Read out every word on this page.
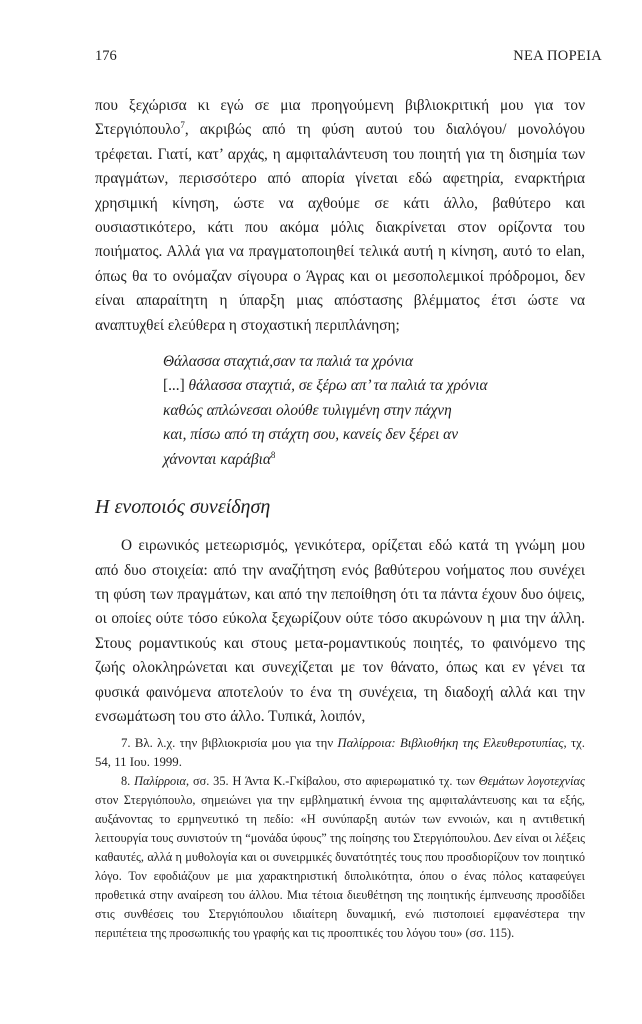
176	ΝΕΑ ΠΟΡΕΙΑ

που ξεχώρισα κι εγώ σε μια προηγούμενη βιβλιοκριτική μου για τον Στεργιόπουλο$^7$, ακριβώς από τη φύση αυτού του διαλόγου/ μονολόγου τρέφεται. Γιατί, κατ’ αρχάς, η αμφιταλάντευση του ποιητή για τη δισημία των πραγμάτων, περισσότερο από απορία γίνεται εδώ αφετηρία, εναρκτήρια χρησιμική κίνηση, ώστε να αχθούμε σε κάτι άλλο, βαθύτερο και ουσιαστικότερο, κάτι που ακόμα μόλις διακρίνεται στον ορίζοντα του ποιήματος. Αλλά για να πραγματοποιηθεί τελικά αυτή η κίνηση, αυτό το elan, όπως θα το ονόμαζαν σίγουρα ο Άγρας και οι μεσοπολεμικοί πρόδρομοι, δεν είναι απαραίτητη η ύπαρξη μιας απόστασης βλέμματος έτσι ώστε να αναπτυχθεί ελεύθερα η στοχαστική περιπλάνηση;

Θάλασσα σταχτιά,σαν τα παλιά τα χρόνια
[...] θάλασσα σταχτιά, σε ξέρω απ’ τα παλιά τα χρόνια
καθώς απλώνεσαι ολούθε τυλιγμένη στην πάχνη
και, πίσω από τη στάχτη σου, κανείς δεν ξέρει αν
χάνονται καράβια$^8$
Η ενοποιός συνείδηση

Ο ειρωνικός μετεωρισμός, γενικότερα, ορίζεται εδώ κατά τη γνώμη μου από δυο στοιχεία: από την αναζήτηση ενός βαθύτερου νοήματος που συνέχει τη φύση των πραγμάτων, και από την πεποίθηση ότι τα πάντα έχουν δυο όψεις, οι οποίες ούτε τόσο εύκολα ξεχωρίζουν ούτε τόσο ακυρώνουν η μια την άλλη. Στους ρομαντικούς και στους μετα-ρομαντικούς ποιητές, το φαινόμενο της ζωής ολοκληρώνεται και συνεχίζεται με τον θάνατο, όπως και εν γένει τα φυσικά φαινόμενα αποτελούν το ένα τη συνέχεια, τη διαδοχή αλλά και την ενσωμάτωση του στο άλλο. Τυπικά, λοιπόν,

7. Βλ. λ.χ. την βιβλιοκρισία μου για την Παλίρροια: Βιβλιοθήκη της Ελευθεροτυπίας, τχ. 54, 11 Ιου. 1999.

8. Παλίρροια, σσ. 35. Η Άντα Κ.-Γκίβαλου, στο αφιερωματικό τχ. των Θεμάτων λογοτεχνίας στον Στεργιόπουλο, σημειώνει για την εμβληματική έννοια της αμφιταλάντευσης και τα εξής, αυξάνοντας το ερμηνευτικό τη πεδίο: «Η συνύπαρξη αυτών των εννοιών, και η αντιθετική λειτουργία τους συνιστούν τη “μονάδα ύφους” της ποίησης του Στεργιόπουλου. Δεν είναι οι λέξεις καθαυτές, αλλά η μυθολογία και οι συνειρμικές δυνατότητές τους που προσδιορίζουν τον ποιητικό λόγο. Τον εφοδιάζουν με μια χαρακτηριστική διπολικότητα, όπου ο ένας πόλος καταφεύγει προθετικά στην αναίρεση του άλλου. Μια τέτοια διευθέτηση της ποιητικής έμπνευσης προσδίδει στις συνθέσεις του Στεργιόπουλου ιδιαίτερη δυναμική, ενώ πιστοποιεί εμφανέστερα την περιπέτεια της προσωπικής του γραφής και τις προοπτικές του λόγου του» (σσ. 115).
